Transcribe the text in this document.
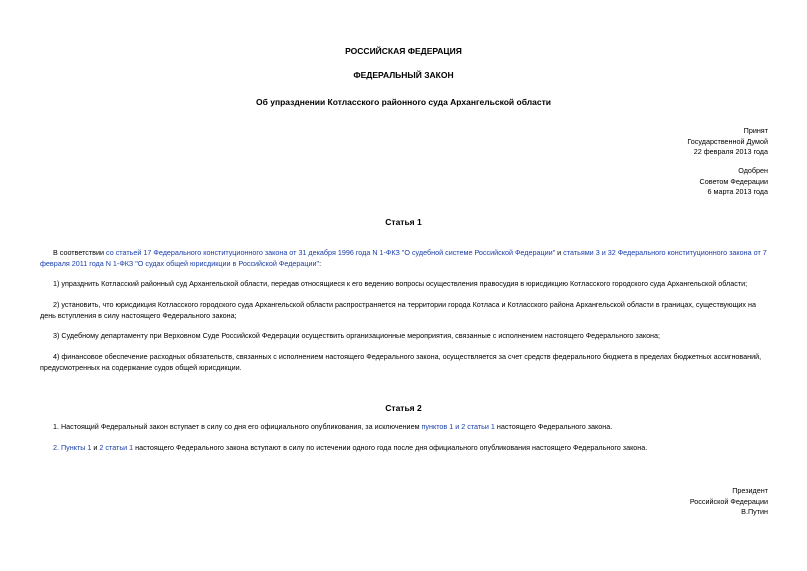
РОССИЙСКАЯ ФЕДЕРАЦИЯ
ФЕДЕРАЛЬНЫЙ ЗАКОН
Об упразднении Котласского районного суда Архангельской области
Принят
Государственной Думой
22 февраля 2013 года
Одобрен
Советом Федерации
6 марта 2013 года
Статья 1
В соответствии со статьей 17 Федерального конституционного закона от 31 декабря 1996 года N 1-ФКЗ "О судебной системе Российской Федерации" и статьями 3 и 32 Федерального конституционного закона от 7 февраля 2011 года N 1-ФКЗ "О судах общей юрисдикции в Российской Федерации":
1) упразднить Котласский районный суд Архангельской области, передав относящиеся к его ведению вопросы осуществления правосудия в юрисдикцию Котласского городского суда Архангельской области;
2) установить, что юрисдикция Котласского городского суда Архангельской области распространяется на территории города Котласа и Котласского района Архангельской области в границах, существующих на день вступления в силу настоящего Федерального закона;
3) Судебному департаменту при Верховном Суде Российской Федерации осуществить организационные мероприятия, связанные с исполнением настоящего Федерального закона;
4) финансовое обеспечение расходных обязательств, связанных с исполнением настоящего Федерального закона, осуществляется за счет средств федерального бюджета в пределах бюджетных ассигнований, предусмотренных на содержание судов общей юрисдикции.
Статья 2
1. Настоящий Федеральный закон вступает в силу со дня его официального опубликования, за исключением пунктов 1 и 2 статьи 1 настоящего Федерального закона.
2. Пункты 1 и 2 статьи 1 настоящего Федерального закона вступают в силу по истечении одного года после дня официального опубликования настоящего Федерального закона.
Президент
Российской Федерации
В.Путин
